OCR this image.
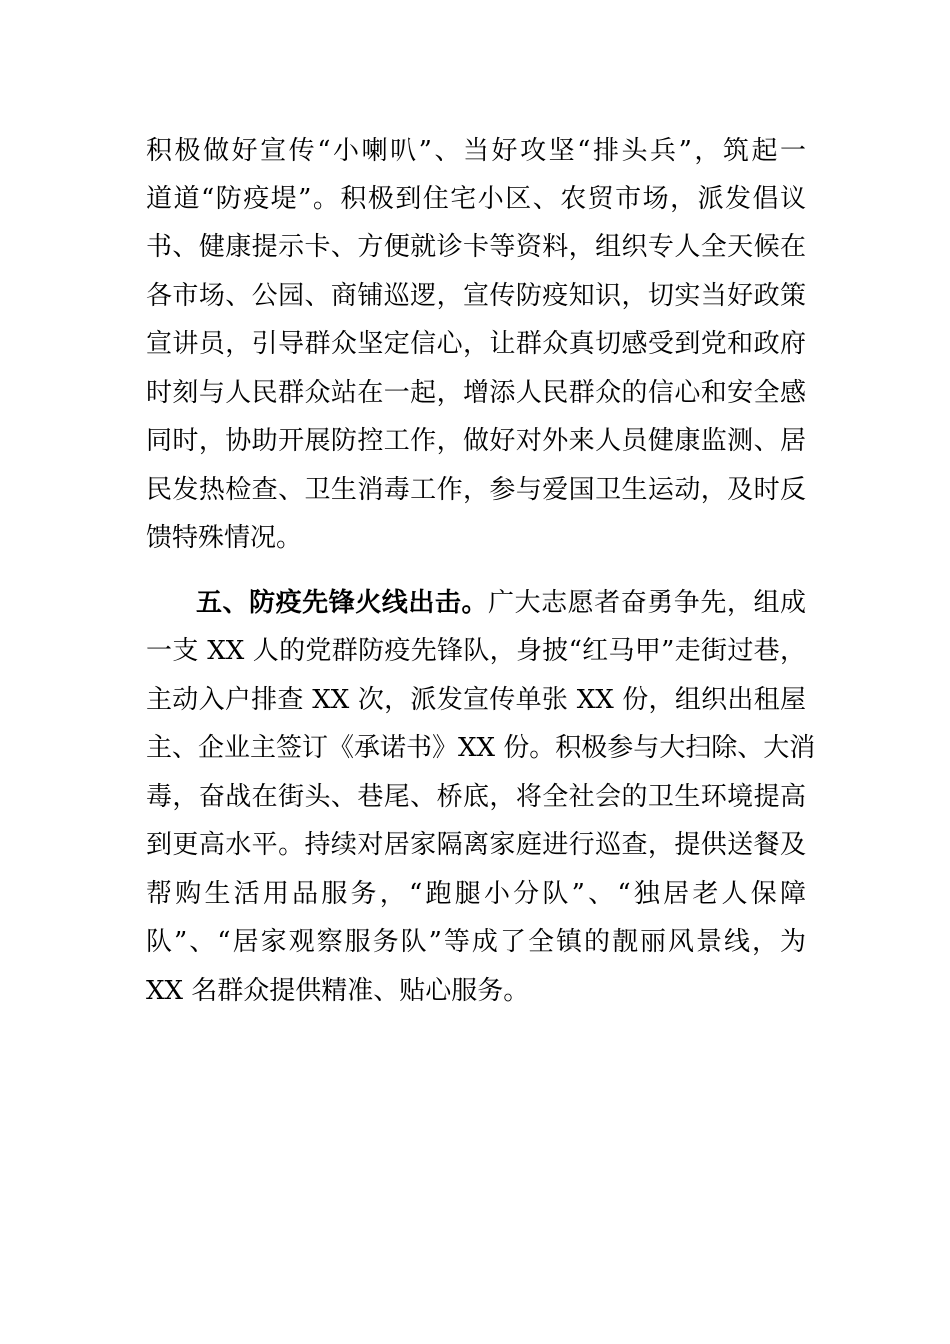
积极做好宣传“小喇叭”、当好攻坚“排头兵”，筑起一
道道“防疫堤”。积极到住宅小区、农贸市场，派发倡议
书、健康提示卡、方便就诊卡等资料，组织专人全天候在
各市场、公园、商铺巡逻，宣传防疫知识，切实当好政策
宣讲员，引导群众坚定信心，让群众真切感受到党和政府
时刻与人民群众站在一起，增添人民群众的信心和安全感
同时，协助开展防控工作，做好对外来人员健康监测、居
民发热检查、卫生消毒工作，参与爱国卫生运动，及时反
馈特殊情况。
五、防疫先锋火线出击。广大志愿者奋勇争先，组成
一支 XX 人的党群防疫先锋队，身披“红马甲”走街过巷，
主动入户排查 XX 次，派发宣传单张 XX 份，组织出租屋
主、企业主签订《承诺书》XX 份。积极参与大扫除、大消
毒，奋战在街头、巷尾、桥底，将全社会的卫生环境提高
到更高水平。持续对居家隔离家庭进行巡查，提供送餐及
帮购生活用品服务，“跑腿小分队”、“独居老人保障
队”、“居家观察服务队”等成了全镇的靓丽风景线，为
XX 名群众提供精准、贴心服务。
